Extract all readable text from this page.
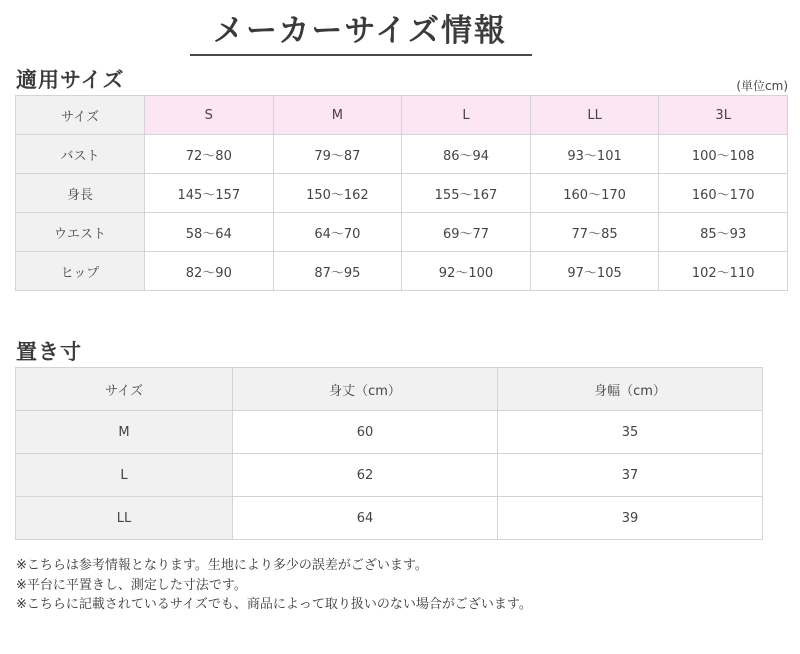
メーカーサイズ情報
適用サイズ	(単位cm)
サイズ	S	M	L	LL	3L
バスト	72〜80	79〜87	86〜94	93〜101	100〜108
身長	145〜157	150〜162	155〜167	160〜170	160〜170
ウエスト	58〜64	64〜70	69〜77	77〜85	85〜93
ヒップ	82〜90	87〜95	92〜100	97〜105	102〜110
置き寸
サイズ	身丈（cm）	身幅（cm）
M	60	35
L	62	37
LL	64	39
※こちらは参考情報となります。生地により多少の誤差がございます。
※平台に平置きし、測定した寸法です。
※こちらに記載されているサイズでも、商品によって取り扱いのない場合がございます。
